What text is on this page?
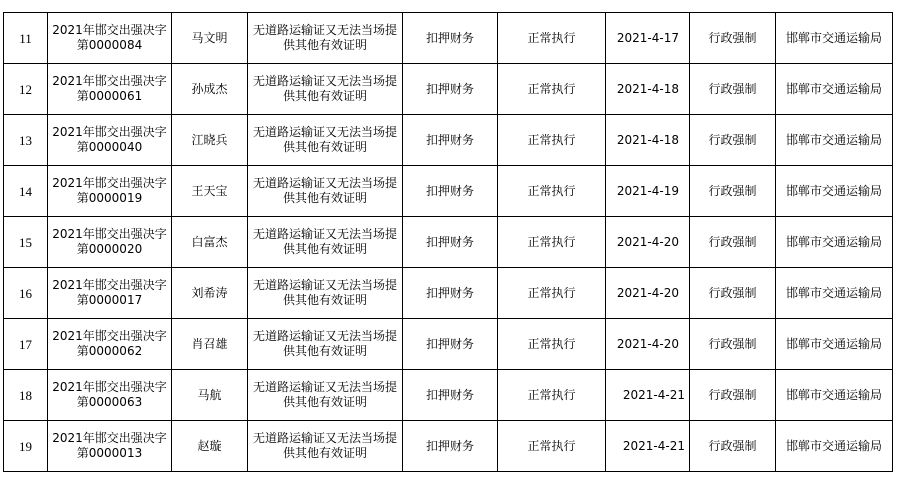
11	2021年邯交出强决字第0000084	马文明	无道路运输证又无法当场提供其他有效证明	扣押财务	正常执行	2021-4-17	行政强制	邯郸市交通运输局
12	2021年邯交出强决字第0000061	孙成杰	无道路运输证又无法当场提供其他有效证明	扣押财务	正常执行	2021-4-18	行政强制	邯郸市交通运输局
13	2021年邯交出强决字第0000040	江晓兵	无道路运输证又无法当场提供其他有效证明	扣押财务	正常执行	2021-4-18	行政强制	邯郸市交通运输局
14	2021年邯交出强决字第0000019	王天宝	无道路运输证又无法当场提供其他有效证明	扣押财务	正常执行	2021-4-19	行政强制	邯郸市交通运输局
15	2021年邯交出强决字第0000020	白富杰	无道路运输证又无法当场提供其他有效证明	扣押财务	正常执行	2021-4-20	行政强制	邯郸市交通运输局
16	2021年邯交出强决字第0000017	刘希涛	无道路运输证又无法当场提供其他有效证明	扣押财务	正常执行	2021-4-20	行政强制	邯郸市交通运输局
17	2021年邯交出强决字第0000062	肖召雄	无道路运输证又无法当场提供其他有效证明	扣押财务	正常执行	2021-4-20	行政强制	邯郸市交通运输局
18	2021年邯交出强决字第0000063	马航	无道路运输证又无法当场提供其他有效证明	扣押财务	正常执行	2021-4-21	行政强制	邯郸市交通运输局
19	2021年邯交出强决字第0000013	赵璇	无道路运输证又无法当场提供其他有效证明	扣押财务	正常执行	2021-4-21	行政强制	邯郸市交通运输局
